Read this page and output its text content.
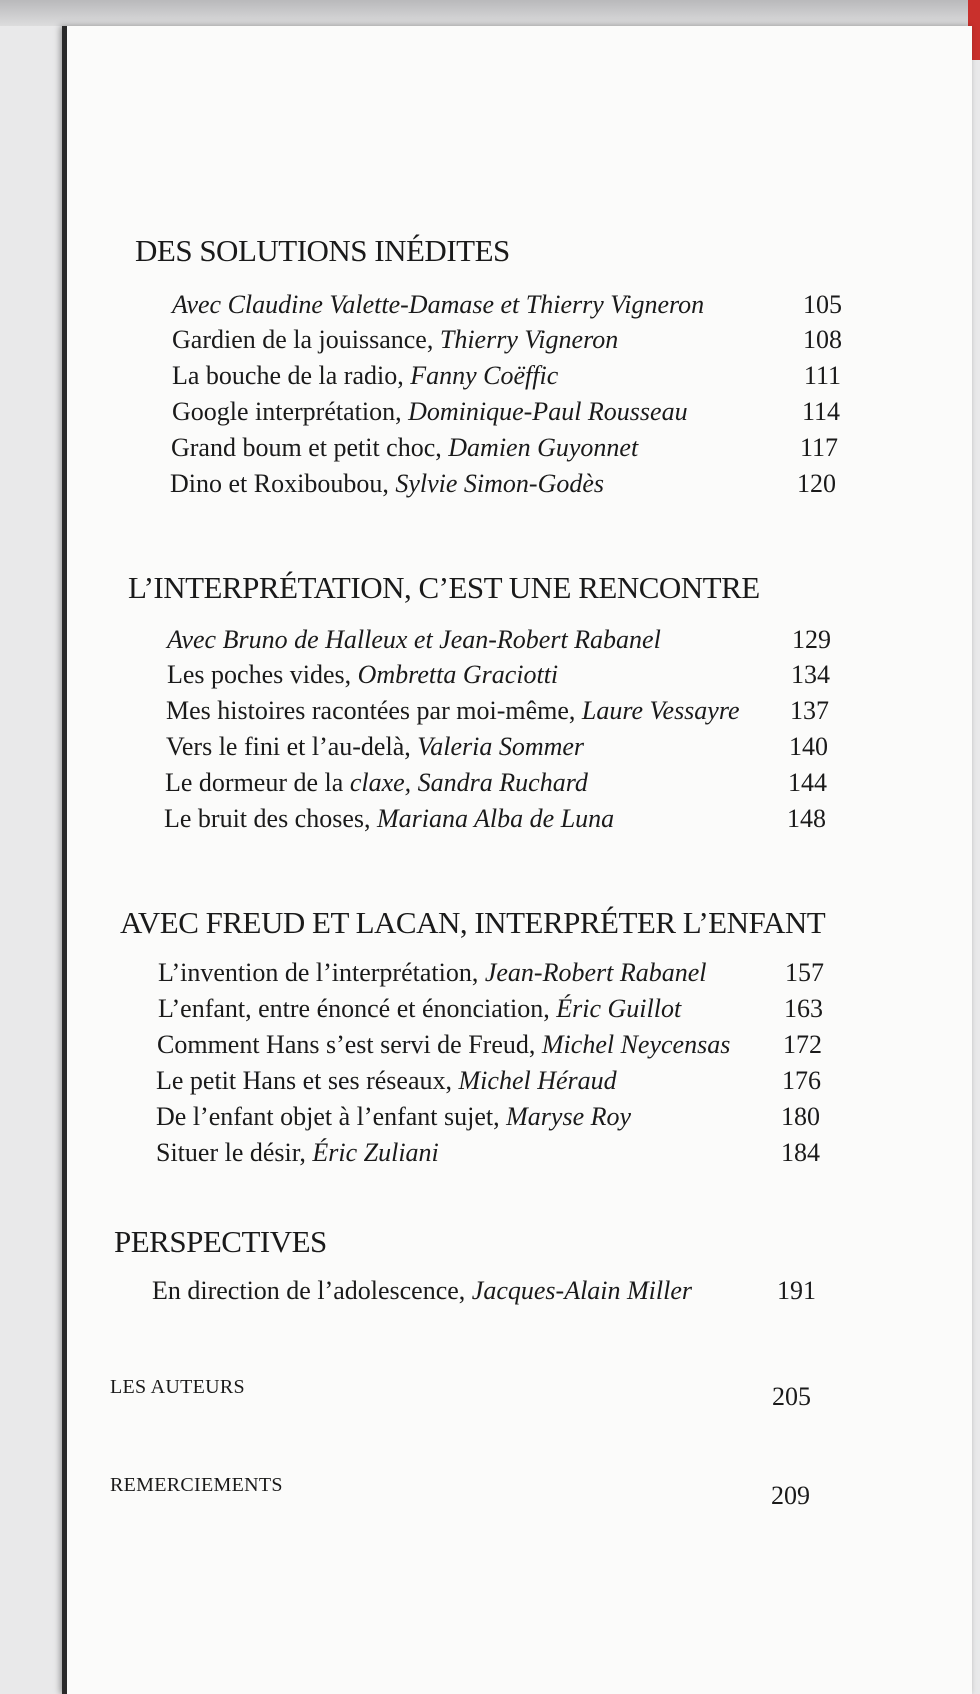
DES SOLUTIONS INÉDITES
Avec Claudine Valette-Damase et Thierry Vigneron	105
Gardien de la jouissance, Thierry Vigneron	108
La bouche de la radio, Fanny Coëffic	111
Google interprétation, Dominique-Paul Rousseau	114
Grand boum et petit choc, Damien Guyonnet	117
Dino et Roxiboubou, Sylvie Simon-Godès	120
L’INTERPRÉTATION, C’EST UNE RENCONTRE
Avec Bruno de Halleux et Jean-Robert Rabanel	129
Les poches vides, Ombretta Graciotti	134
Mes histoires racontées par moi-même, Laure Vessayre	137
Vers le fini et l’au-delà, Valeria Sommer	140
Le dormeur de la claxe, Sandra Ruchard	144
Le bruit des choses, Mariana Alba de Luna	148
AVEC FREUD ET LACAN, INTERPRÉTER L’ENFANT
L’invention de l’interprétation, Jean-Robert Rabanel	157
L’enfant, entre énoncé et énonciation, Éric Guillot	163
Comment Hans s’est servi de Freud, Michel Neycensas	172
Le petit Hans et ses réseaux, Michel Héraud	176
De l’enfant objet à l’enfant sujet, Maryse Roy	180
Situer le désir, Éric Zuliani	184
PERSPECTIVES
En direction de l’adolescence, Jacques-Alain Miller	191
LES AUTEURS	205
REMERCIEMENTS	209
